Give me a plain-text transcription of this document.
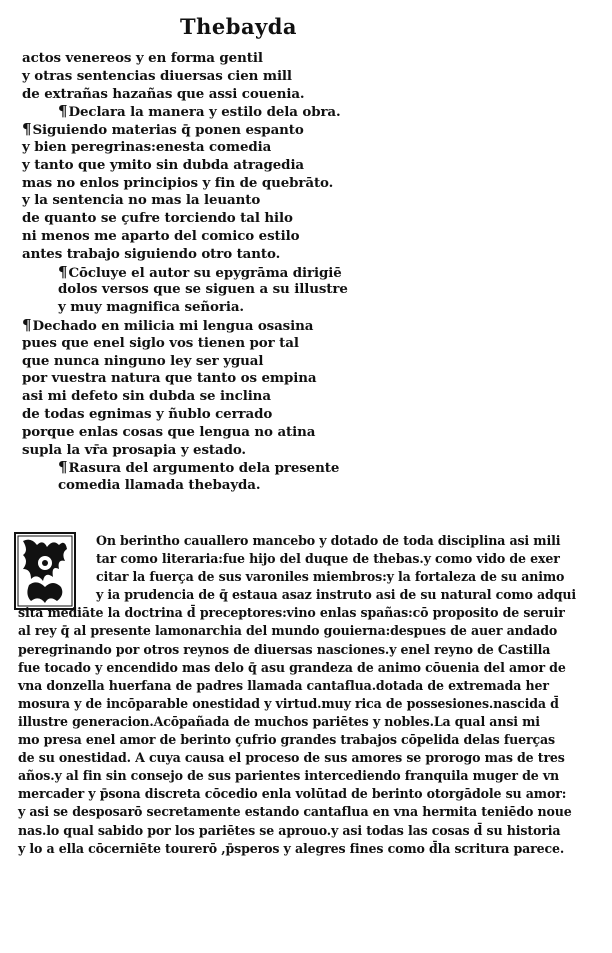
Thebayda
actos venereos y en forma gentil
y otras sentencias diuersas cien mill
de extrañas hazañas que assi couenia.
¶Declara la manera y estilo dela obra.
¶Siguiendo materias q̄ ponen espanto
y bien peregrinas:enesta comedia
y tanto que ymito sin dubda atragedia
mas no enlos principios y fin de quebrāto.
y la sentencia no mas la leuanto
de quanto se çufre torciendo tal hilo
ni menos me aparto del comico estilo
antes trabajo siguiendo otro tanto.
¶Cōcluye el autor su epygrāma dirigiē
dolos versos que se siguen a su illustre
y muy magnifica señoria.
¶Dechado en milicia mi lengua osasina
pues que enel siglo vos tienen por tal
que nunca ninguno ley ser ygual
por vuestra natura que tanto os empina
asi mi defeto sin dubda se inclina
de todas egnimas y ñublo cerrado
porque enlas cosas que lengua no atina
supla la vr̄a prosapia y estado.
¶Rasura del argumento dela presente
comedia llamada thebayda.
On berintho cauallero mancebo y dotado de toda disciplina asi mili
tar como literaria:fue hijo del duque de thebas.y como vido de exer
citar la fuerça de sus varoniles miembros:y la fortaleza de su animo
y ia prudencia de q̄ estaua asaz instruto asi de su natural como adqui
sita mediāte la doctrina d̄ preceptores:vino enlas spañas:cō proposito de seruir
al rey q̄ al presente lamonarchia del mundo gouierna:despues de auer andado
peregrinando por otros reynos de diuersas nasciones.y enel reyno de Castilla
fue tocado y encendido mas delo q̄ asu grandeza de animo cōuenia del amor de
vna donzella huerfana de padres llamada cantaflua.dotada de extremada her
mosura y de incōparable onestidad y virtud.muy rica de possesiones.nascida d̄
illustre generacion.Acōpañada de muchos pariētes y nobles.La qual ansi mi
mo presa enel amor de berinto çufrio grandes trabajos cōpelida delas fuerças
de su onestidad. A cuya causa el proceso de sus amores se prorogo mas de tres
años.y al fin sin consejo de sus parientes intercediendo franquila muger de vn
mercader y p̄sona discreta cōcedio enla volūtad de berinto otorgādole su amor:
y asi se desposarō secretamente estando cantaflua en vna hermita teniēdo noue
nas.lo qual sabido por los pariētes se aprouo.y asi todas las cosas d̄ su historia
y lo a ella cōcerniēte tourerō ,p̄speros y alegres fines como d̄la scritura parece.
